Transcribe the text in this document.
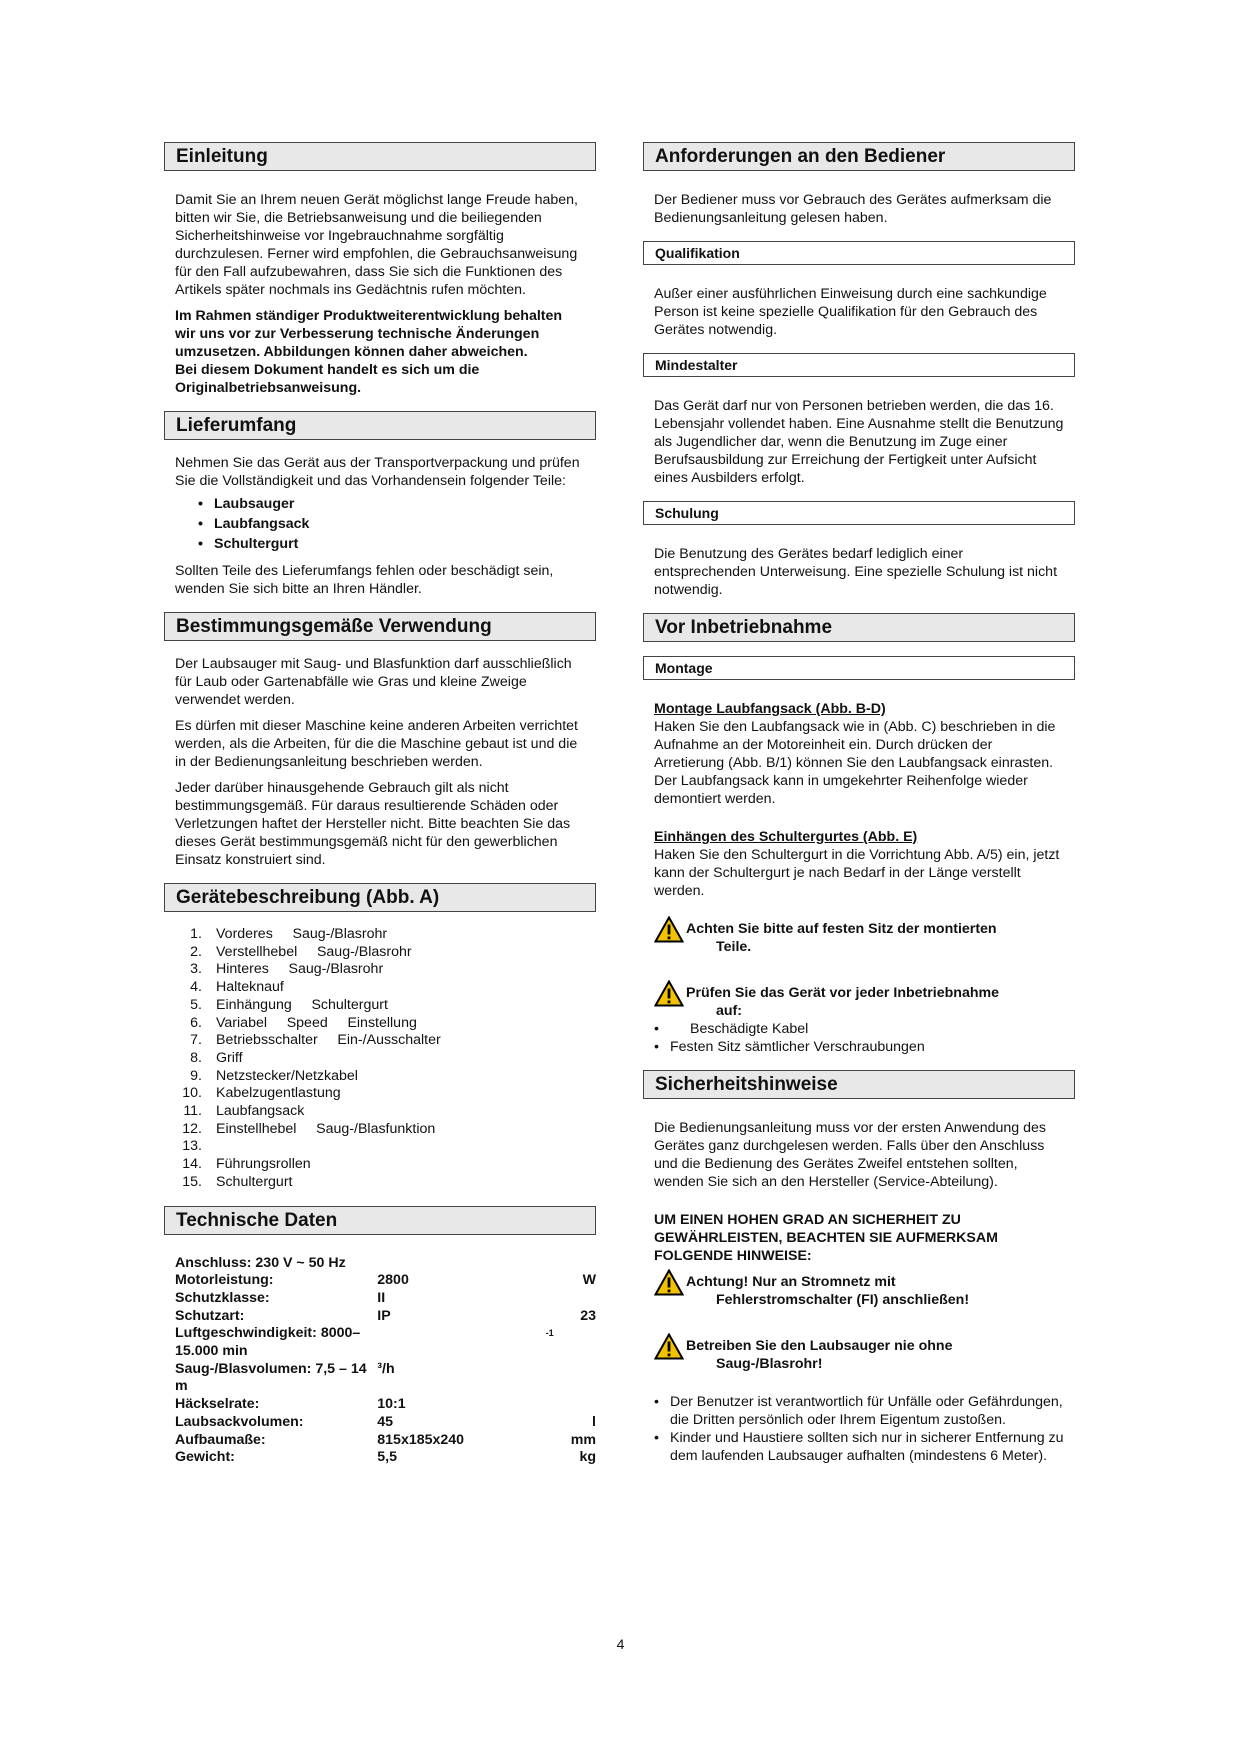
Einleitung

Damit Sie an Ihrem neuen Gerät möglichst lange Freude haben, bitten wir Sie, die Betriebsanweisung und die beiliegenden Sicherheitshinweise vor Ingebrauchnahme sorgfältig durchzulesen. Ferner wird empfohlen, die Gebrauchsanweisung für den Fall aufzubewahren, dass Sie sich die Funktionen des Artikels später nochmals ins Gedächtnis rufen möchten.

Im Rahmen ständiger Produktweiterentwicklung behalten wir uns vor zur Verbesserung technische Änderungen umzusetzen. Abbildungen können daher abweichen.

Bei diesem Dokument handelt es sich um die Originalbetriebsanweisung.

Lieferumfang

Nehmen Sie das Gerät aus der Transportverpackung und prüfen Sie die Vollständigkeit und das Vorhandensein folgender Teile:

• Laubsauger
• Laubfangsack
• Schultergurt

Sollten Teile des Lieferumfangs fehlen oder beschädigt sein, wenden Sie sich bitte an Ihren Händler.

Bestimmungsgemäße Verwendung

Der Laubsauger mit Saug- und Blasfunktion darf ausschließlich für Laub oder Gartenabfälle wie Gras und kleine Zweige verwendet werden.

Es dürfen mit dieser Maschine keine anderen Arbeiten verrichtet werden, als die Arbeiten, für die die Maschine gebaut ist und die in der Bedienungsanleitung beschrieben werden.

Jeder darüber hinausgehende Gebrauch gilt als nicht bestimmungsgemäß. Für daraus resultierende Schäden oder Verletzungen haftet der Hersteller nicht. Bitte beachten Sie das dieses Gerät bestimmungsgemäß nicht für den gewerblichen Einsatz konstruiert sind.

Gerätebeschreibung (Abb. A)
1. Vorderes     Saug-/Blasrohr
2. Verstellhebel     Saug-/Blasrohr
3. Hinteres     Saug-/Blasrohr
4. Halteknauf
5. Einhängung     Schultergurt
6. Variabel     Speed     Einstellung
7. Betriebsschalter     Ein-/Ausschalter
8. Griff
9. Netzstecker/Netzkabel
10. Kabelzugentlastung
11. Laubfangsack
12. Einstellhebel     Saug-/Blasfunktion
13.
14. Führungsrollen
15. Schultergurt
Technische Daten
Anschluss: 230 V ~ 50 Hz		
Motorleistung:	2800	W
Schutzklasse:	II	
Schutzart:	IP	23
Luftgeschwindigkeit: 8000– 15.000 min		-1
Saug-/Blasvolumen: 7,5 – 14 m	³/h	
Häckselrate:	10:1	
Laubsackvolumen:	45	l
Aufbaumaße:	815x185x240	mm
Gewicht:	5,5	kg
Anforderungen an den Bediener

Der Bediener muss vor Gebrauch des Gerätes aufmerksam die Bedienungsanleitung gelesen haben.

Qualifikation

Außer einer ausführlichen Einweisung durch eine sachkundige Person ist keine spezielle Qualifikation für den Gebrauch des Gerätes notwendig.

Mindestalter

Das Gerät darf nur von Personen betrieben werden, die das 16. Lebensjahr vollendet haben. Eine Ausnahme stellt die Benutzung als Jugendlicher dar, wenn die Benutzung im Zuge einer Berufsausbildung zur Erreichung der Fertigkeit unter Aufsicht eines Ausbilders erfolgt.

Schulung

Die Benutzung des Gerätes bedarf lediglich einer entsprechenden Unterweisung. Eine spezielle Schulung ist nicht notwendig.

Vor Inbetriebnahme
Montage

Montage Laubfangsack (Abb. B-D)

Haken Sie den Laubfangsack wie in (Abb. C) beschrieben in die Aufnahme an der Motoreinheit ein. Durch drücken der Arretierung (Abb. B/1) können Sie den Laubfangsack einrasten. Der Laubfangsack kann in umgekehrter Reihenfolge wieder demontiert werden.

Einhängen des Schultergurtes (Abb. E)

Haken Sie den Schultergurt in die Vorrichtung Abb. A/5) ein, jetzt kann der Schultergurt je nach Bedarf in der Länge verstellt werden.

Achten Sie bitte auf festen Sitz der montierten
Teile.
Prüfen Sie das Gerät vor jeder Inbetriebnahme
auf:
• Beschädigte Kabel
• Festen Sitz sämtlicher Verschraubungen
Sicherheitshinweise

Die Bedienungsanleitung muss vor der ersten Anwendung des Gerätes ganz durchgelesen werden. Falls über den Anschluss und die Bedienung des Gerätes Zweifel entstehen sollten, wenden Sie sich an den Hersteller (Service-Abteilung).

UM EINEN HOHEN GRAD AN SICHERHEIT ZU GEWÄHRLEISTEN, BEACHTEN SIE AUFMERKSAM FOLGENDE HINWEISE:

Achtung! Nur an Stromnetz mit
Fehlerstromschalter (FI) anschließen!
Betreiben Sie den Laubsauger nie ohne
Saug-/Blasrohr!
• Der Benutzer ist verantwortlich für Unfälle oder Gefährdungen, die Dritten persönlich oder Ihrem Eigentum zustoßen.
• Kinder und Haustiere sollten sich nur in sicherer Entfernung zu dem laufenden Laubsauger aufhalten (mindestens 6 Meter).
4
